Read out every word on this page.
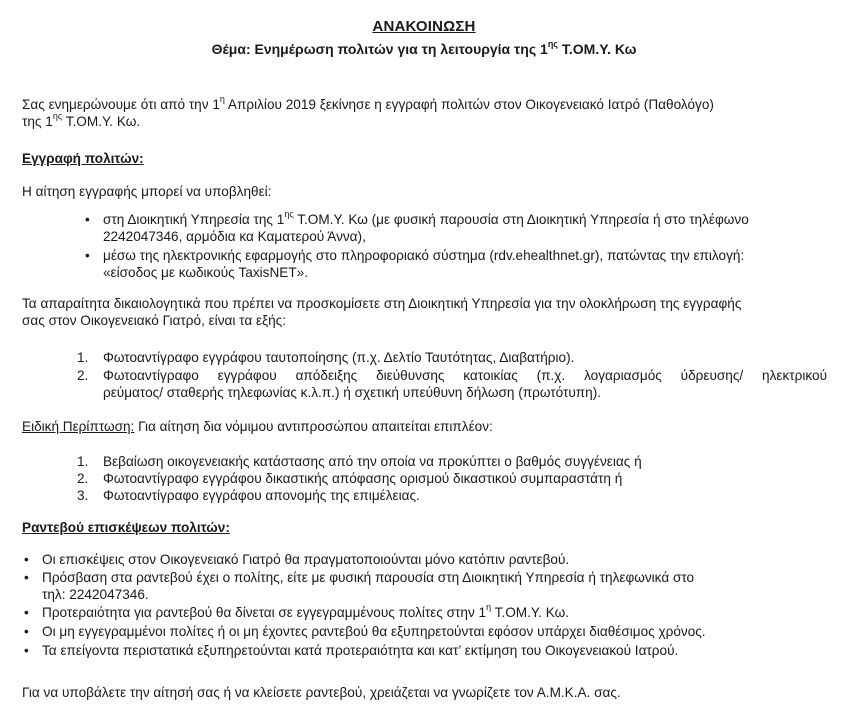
ΑΝΑΚΟΙΝΩΣΗ
Θέμα: Ενημέρωση πολιτών για τη λειτουργία της $1^{\eta\varsigma}$ Τ.ΟΜ.Υ. Κω
Σας ενημερώνουμε ότι από την $1^\eta$ Απριλίου 2019 ξεκίνησε η εγγραφή πολιτών στον Οικογενειακό Ιατρό (Παθολόγο)
της $1^{\eta\varsigma}$ Τ.ΟΜ.Υ. Κω.
Εγγραφή πολιτών:
Η αίτηση εγγραφής μπορεί να υποβληθεί:
• στη Διοικητική Υπηρεσία της $1^{\eta\varsigma}$ Τ.ΟΜ.Υ. Κω (με φυσική παρουσία στη Διοικητική Υπηρεσία ή στο τηλέφωνο
2242047346, αρμόδια κα Καματερού Άννα),
• μέσω της ηλεκτρονικής εφαρμογής στο πληροφοριακό σύστημα (rdv.ehealthnet.gr), πατώντας την επιλογή:
«είσοδος με κωδικούς TaxisNET».
Τα απαραίτητα δικαιολογητικά που πρέπει να προσκομίσετε στη Διοικητική Υπηρεσία για την ολοκλήρωση της εγγραφής
σας στον Οικογενειακό Γιατρό, είναι τα εξής:
1. Φωτοαντίγραφο εγγράφου ταυτοποίησης (π.χ. Δελτίο Ταυτότητας, Διαβατήριο).
2. Φωτοαντίγραφο εγγράφου απόδειξης διεύθυνσης κατοικίας (π.χ. λογαριασμός ύδρευσης/ ηλεκτρικού
ρεύματος/ σταθερής τηλεφωνίας κ.λ.π.) ή σχετική υπεύθυνη δήλωση (πρωτότυπη).
Ειδική Περίπτωση: Για αίτηση δια νόμιμου αντιπροσώπου απαιτείται επιπλέον:
1. Βεβαίωση οικογενειακής κατάστασης από την οποία να προκύπτει ο βαθμός συγγένειας ή
2. Φωτοαντίγραφο εγγράφου δικαστικής απόφασης ορισμού δικαστικού συμπαραστάτη ή
3. Φωτοαντίγραφο εγγράφου απονομής της επιμέλειας.
Ραντεβού επισκέψεων πολιτών:
• Οι επισκέψεις στον Οικογενειακό Γιατρό θα πραγματοποιούνται μόνο κατόπιν ραντεβού.
• Πρόσβαση στα ραντεβού έχει ο πολίτης, είτε με φυσική παρουσία στη Διοικητική Υπηρεσία ή τηλεφωνικά στο
τηλ: 2242047346.
• Προτεραιότητα για ραντεβού θα δίνεται σε εγγεγραμμένους πολίτες στην $1^\eta$ Τ.ΟΜ.Υ. Κω.
• Οι μη εγγεγραμμένοι πολίτες ή οι μη έχοντες ραντεβού θα εξυπηρετούνται εφόσον υπάρχει διαθέσιμος χρόνος.
• Τα επείγοντα περιστατικά εξυπηρετούνται κατά προτεραιότητα και κατ’ εκτίμηση του Οικογενειακού Ιατρού.
Για να υποβάλετε την αίτησή σας ή να κλείσετε ραντεβού, χρειάζεται να γνωρίζετε τον Α.Μ.Κ.Α. σας.
